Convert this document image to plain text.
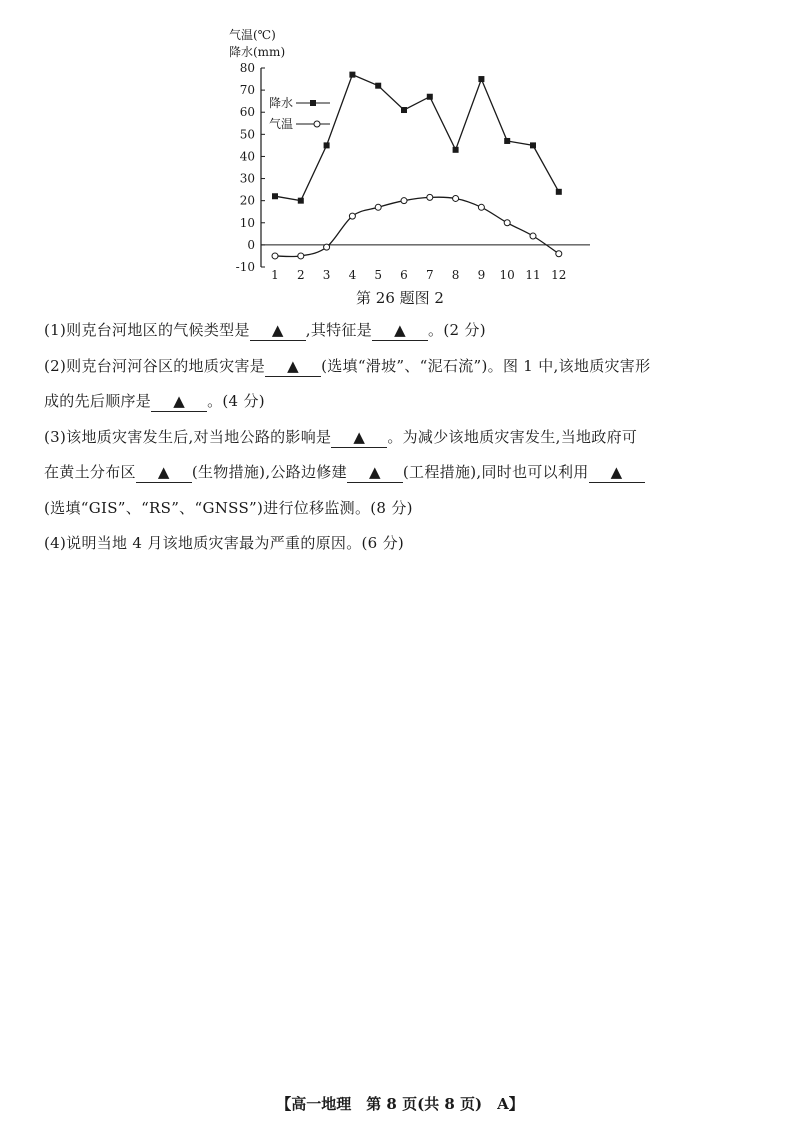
气温(℃)
降水(mm)
80
70
60
50
40
30
20
10
0
-10
1 2 3 4 5 6 7 8 9 10 11 12
降水
气温
第 26 题图 2
(1)则克台河地区的气候类型是 ▲ ,其特征是 ▲ 。(2 分)
(2)则克台河河谷区的地质灾害是 ▲ (选填“滑坡”、“泥石流”)。图 1 中,该地质灾害形
成的先后顺序是 ▲ 。(4 分)
(3)该地质灾害发生后,对当地公路的影响是 ▲ 。为减少该地质灾害发生,当地政府可
在黄土分布区 ▲ (生物措施),公路边修建 ▲ (工程措施),同时也可以利用 ▲
(选填“GIS”、“RS”、“GNSS”)进行位移监测。(8 分)
(4)说明当地 4 月该地质灾害最为严重的原因。(6 分)
【高一地理　第 8 页(共 8 页)　A】
